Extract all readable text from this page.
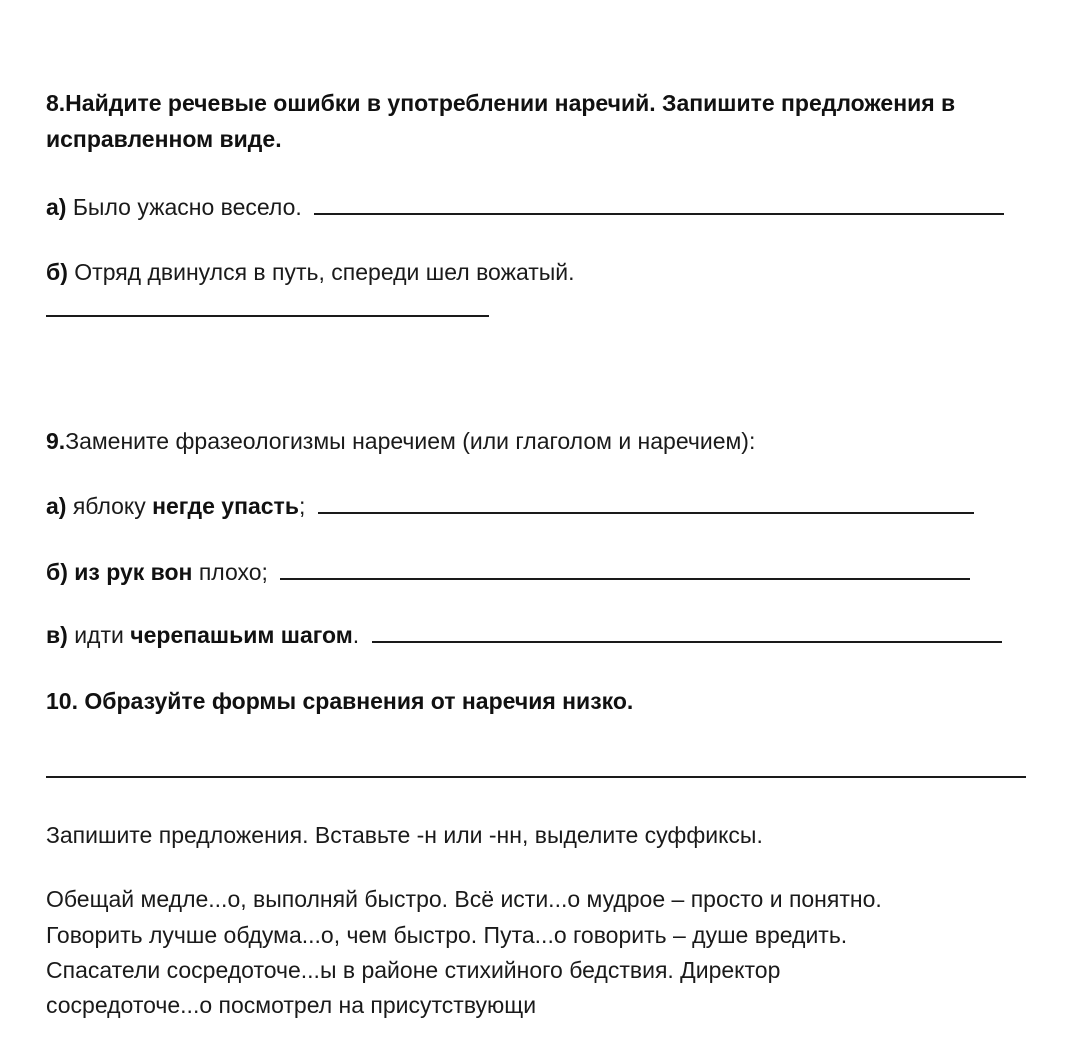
8.Найдите речевые ошибки в употреблении наречий. Запишите предложения в
исправленном виде.
а) Было ужасно весело.
б) Отряд двинулся в путь, спереди шел вожатый.
9.Замените фразеологизмы наречием (или глаголом и наречием):
а) яблоку негде упасть;
б) из рук вон плохо;
в) идти черепашьим шагом.
10. Образуйте формы сравнения от наречия низко.
Запишите предложения. Вставьте -н или -нн, выделите суффиксы.
Обещай медле...о, выполняй быстро. Всё исти...о мудрое – просто и понятно.
Говорить лучше обдума...о, чем быстро. Пута...о говорить – душе вредить.
Спасатели сосредоточе...ы в районе стихийного бедствия. Директор
сосредоточе...о посмотрел на присутствующи
